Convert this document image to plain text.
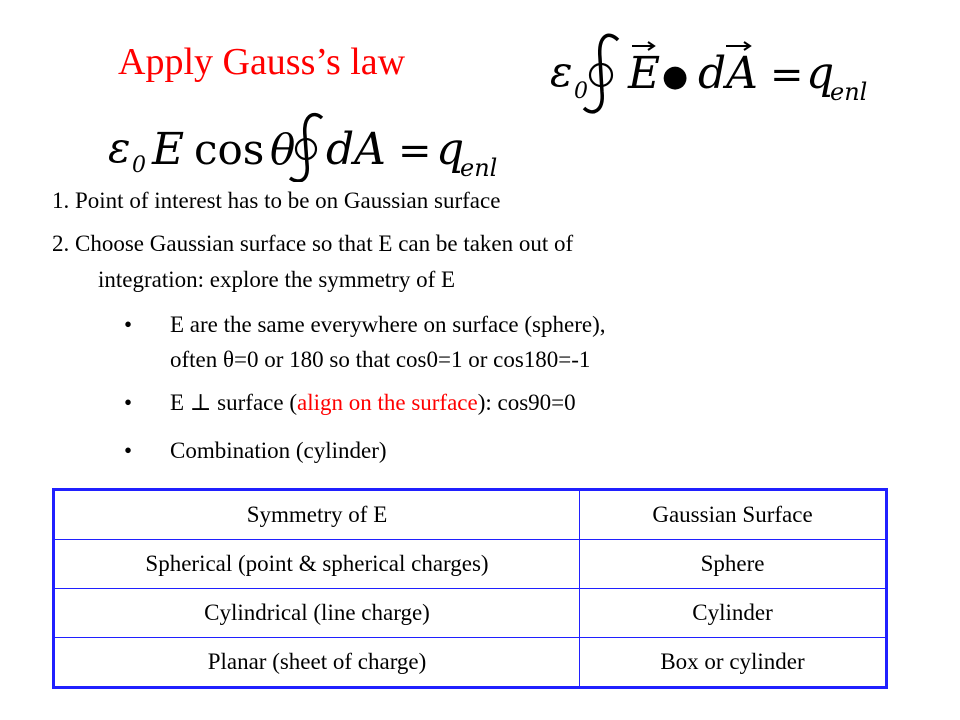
Apply Gauss’s law	ε 0 E ● dA = q
enl
ε 0 E cos θ dA = q
enl
1. Point of interest has to be on Gaussian surface
2. Choose Gaussian surface so that E can be taken out of
integration: explore the symmetry of E
• E are the same everywhere on surface (sphere),
often θ=0 or 180 so that cos0=1 or cos180=-1
• E ⊥ surface (align on the surface): cos90=0
• Combination (cylinder)
Symmetry of E	Gaussian Surface
Spherical (point & spherical charges)	Sphere
Cylindrical (line charge)	Cylinder
Planar (sheet of charge)	Box or cylinder
